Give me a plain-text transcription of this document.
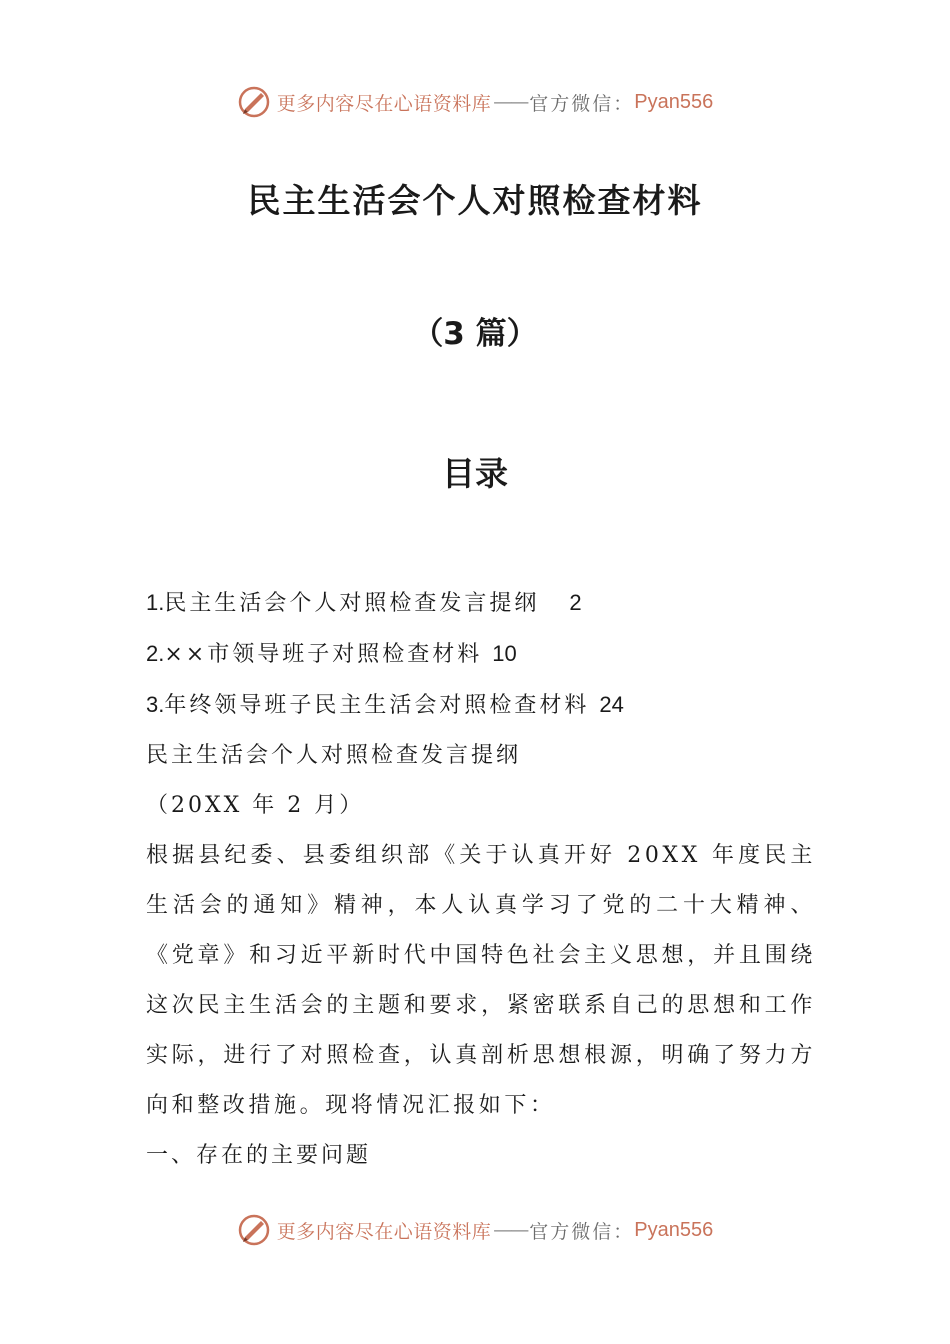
更多内容尽在心语资料库 —— 官方微信： Pyan556
民主生活会个人对照检查材料
（3 篇）
目录
1.民主生活会个人对照检查发言提纲 2
2.××市领导班子对照检查材料 10
3.年终领导班子民主生活会对照检查材料 24
民主生活会个人对照检查发言提纲
（20XX 年 2 月）
根据县纪委、县委组织部《关于认真开好 20XX 年度民主生活会的通知》精神，本人认真学习了党的二十大精神、《党章》和习近平新时代中国特色社会主义思想，并且围绕这次民主生活会的主题和要求，紧密联系自己的思想和工作实际，进行了对照检查，认真剖析思想根源，明确了努力方向和整改措施。现将情况汇报如下：
一、存在的主要问题
更多内容尽在心语资料库 —— 官方微信： Pyan556
